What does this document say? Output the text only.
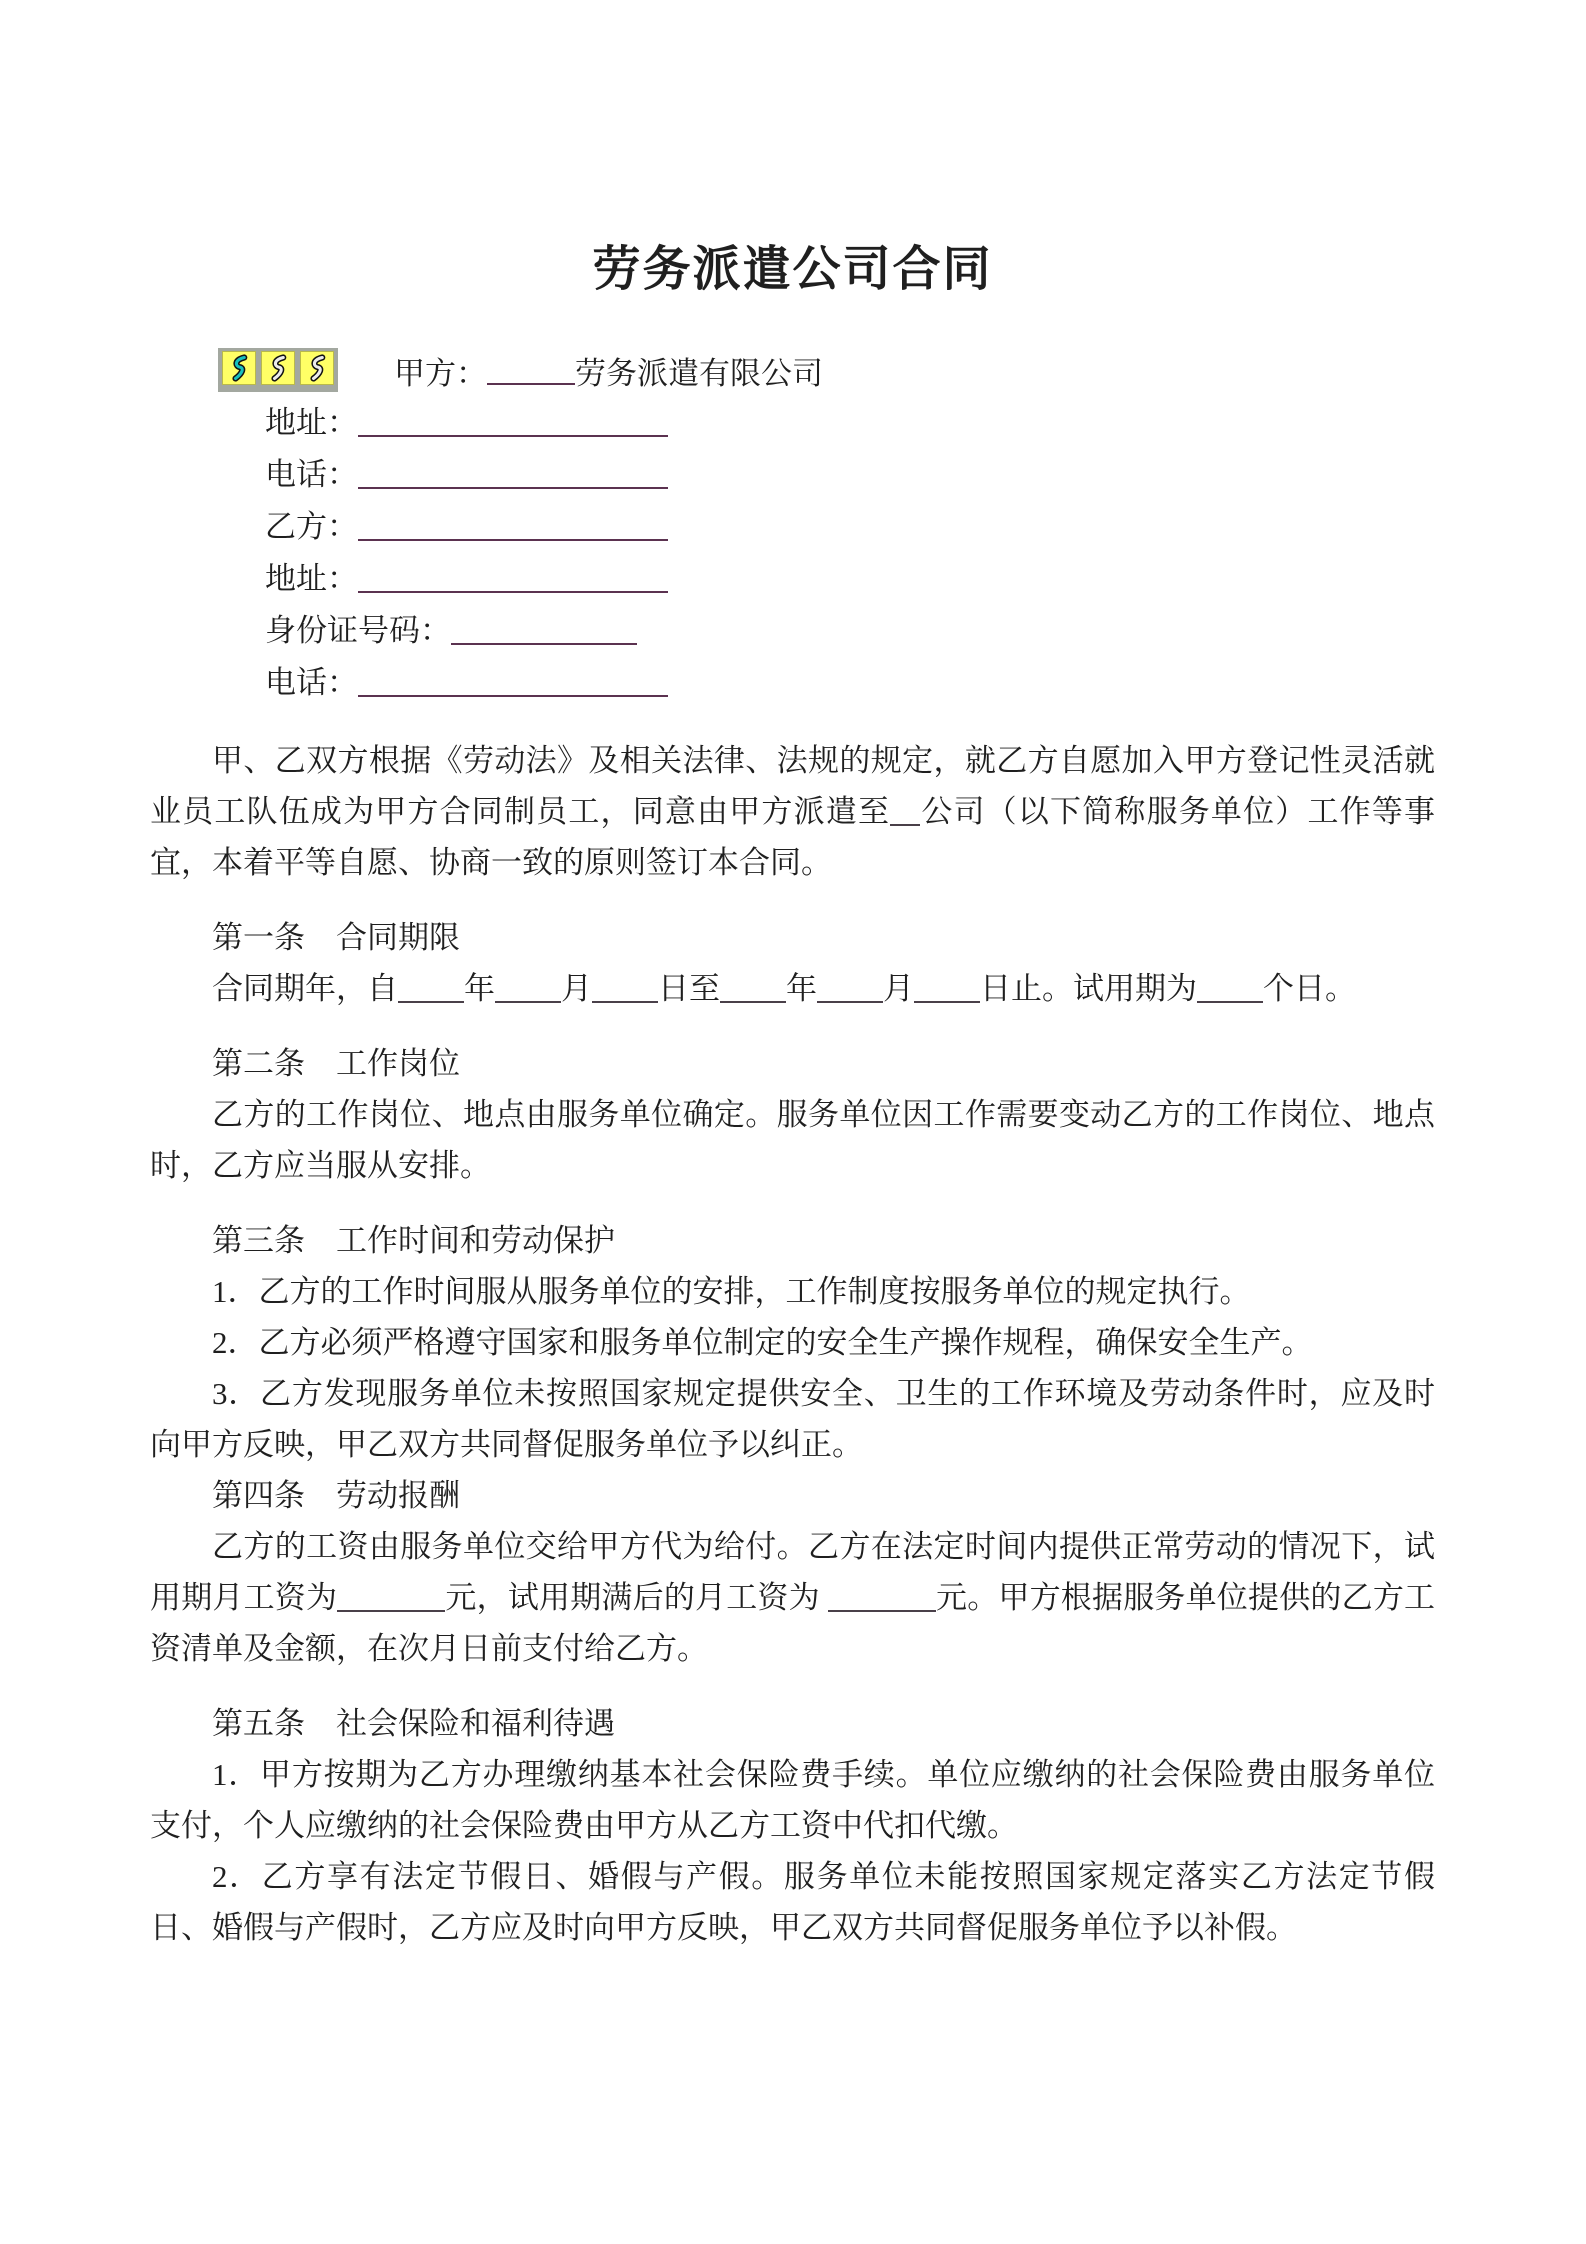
劳务派遣公司合同
甲方：	劳务派遣有限公司
地址：
电话：
乙方：
地址：
身份证号码：
电话：
甲、乙双方根据《劳动法》及相关法律、法规的规定，就乙方自愿加入甲方登记性灵活就业员工队伍成为甲方合同制员工，同意由甲方派遣至 公司（以下简称服务单位）工作等事宜，本着平等自愿、协商一致的原则签订本合同。
第一条　合同期限
合同期年，自 年 月 日至 年 月 日止。试用期为 个日。
第二条　工作岗位
乙方的工作岗位、地点由服务单位确定。服务单位因工作需要变动乙方的工作岗位、地点时，乙方应当服从安排。
第三条　工作时间和劳动保护
1．乙方的工作时间服从服务单位的安排，工作制度按服务单位的规定执行。
2．乙方必须严格遵守国家和服务单位制定的安全生产操作规程，确保安全生产。
3．乙方发现服务单位未按照国家规定提供安全、卫生的工作环境及劳动条件时，应及时向甲方反映，甲乙双方共同督促服务单位予以纠正。
第四条　劳动报酬
乙方的工资由服务单位交给甲方代为给付。乙方在法定时间内提供正常劳动的情况下，试用期月工资为	元，试用期满后的月工资为	元。甲方根据服务单位提供的乙方工资清单及金额，在次月日前支付给乙方。
第五条　社会保险和福利待遇
1．甲方按期为乙方办理缴纳基本社会保险费手续。单位应缴纳的社会保险费由服务单位支付，个人应缴纳的社会保险费由甲方从乙方工资中代扣代缴。
2．乙方享有法定节假日、婚假与产假。服务单位未能按照国家规定落实乙方法定节假日、婚假与产假时，乙方应及时向甲方反映，甲乙双方共同督促服务单位予以补假。
